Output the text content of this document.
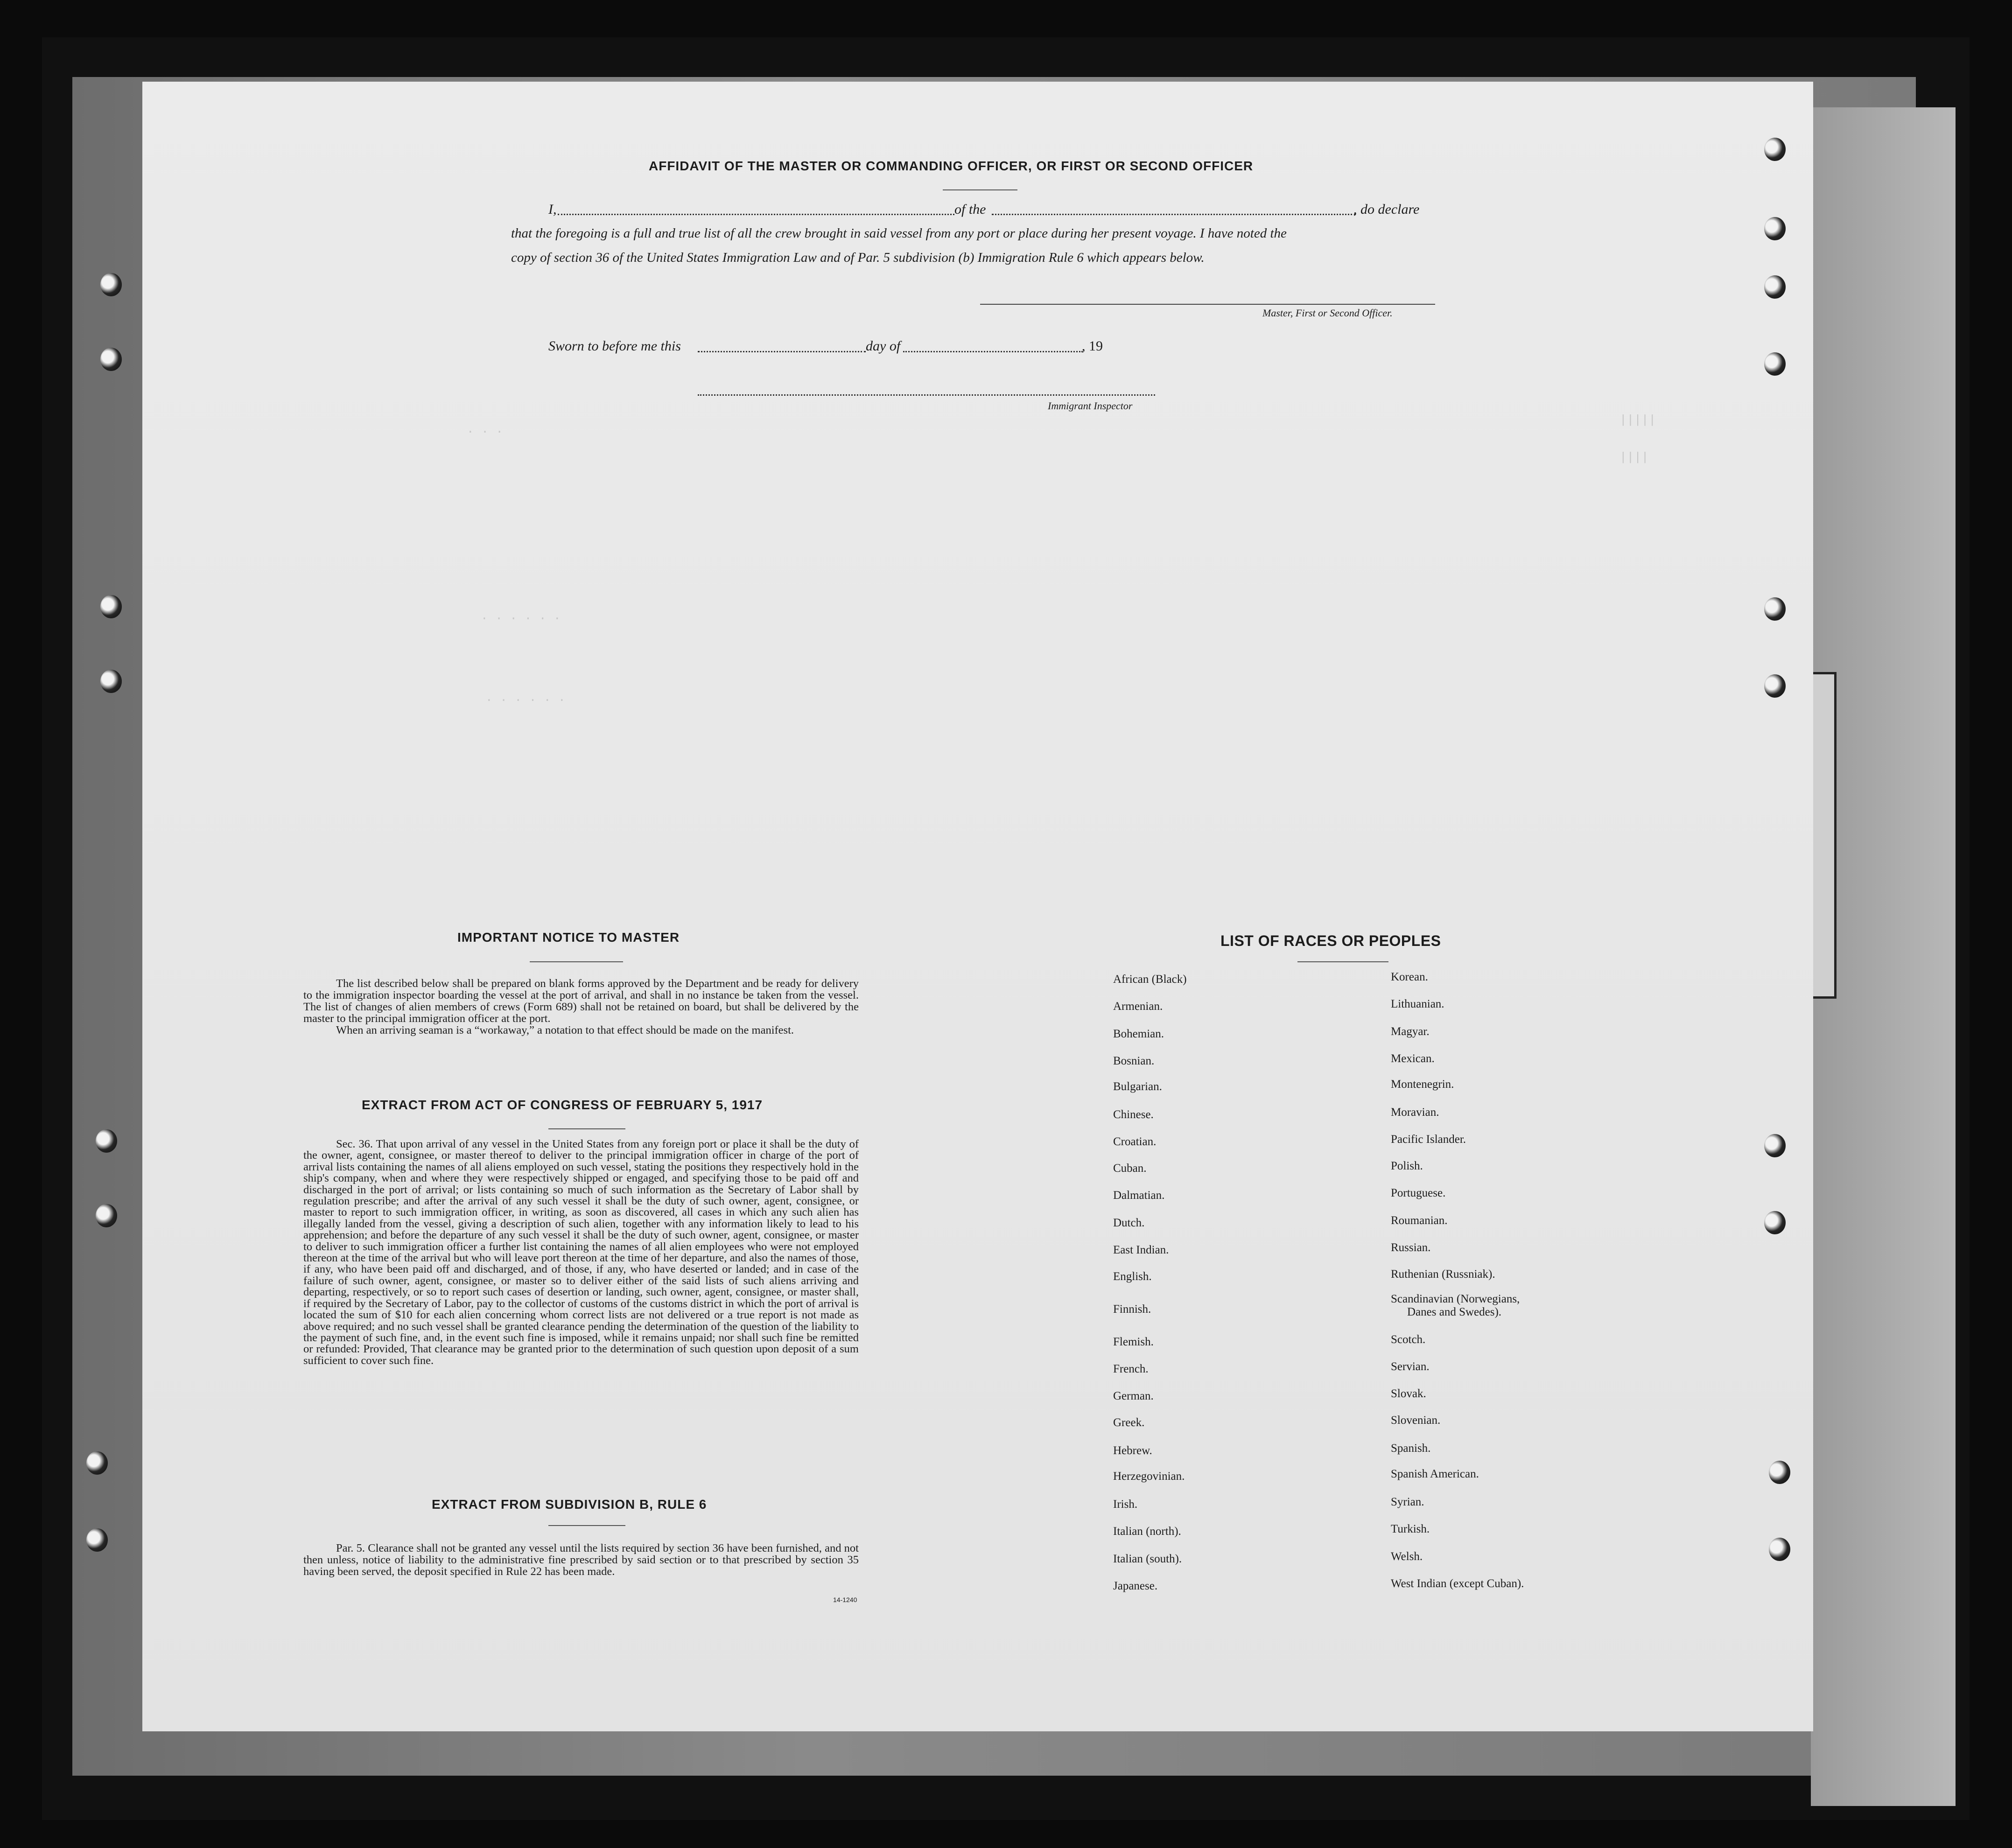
. . .
|||||
||||
. . . . . .
. . . . . .
AFFIDAVIT OF THE MASTER OR COMMANDING OFFICER, OR FIRST OR SECOND OFFICER
I,	of the	, do declare
that the foregoing is a full and true list of all the crew brought in said vessel from any port or place during her present voyage. I have noted the
copy of section 36 of the United States Immigration Law and of Par. 5 subdivision (b) Immigration Rule 6 which appears below.
Master, First or Second Officer.
Sworn to before me this	day of	, 19
Immigrant Inspector
IMPORTANT NOTICE TO MASTER

The list described below shall be prepared on blank forms approved by the Department and be ready for delivery to the immigration inspector boarding the vessel at the port of arrival, and shall in no instance be taken from the vessel. The list of changes of alien members of crews (Form 689) shall not be retained on board, but shall be delivered by the master to the principal immigration officer at the port.

When an arriving seaman is a “workaway,” a notation to that effect should be made on the manifest.

EXTRACT FROM ACT OF CONGRESS OF FEBRUARY 5, 1917

Sec. 36. That upon arrival of any vessel in the United States from any foreign port or place it shall be the duty of the owner, agent, consignee, or master thereof to deliver to the principal immigration officer in charge of the port of arrival lists containing the names of all aliens employed on such vessel, stating the positions they respectively hold in the ship's company, when and where they were respectively shipped or engaged, and specifying those to be paid off and discharged in the port of arrival; or lists containing so much of such information as the Secretary of Labor shall by regulation prescribe; and after the arrival of any such vessel it shall be the duty of such owner, agent, consignee, or master to report to such immigration officer, in writing, as soon as discovered, all cases in which any such alien has illegally landed from the vessel, giving a description of such alien, together with any information likely to lead to his apprehension; and before the departure of any such vessel it shall be the duty of such owner, agent, consignee, or master to deliver to such immigration officer a further list containing the names of all alien employees who were not employed thereon at the time of the arrival but who will leave port thereon at the time of her departure, and also the names of those, if any, who have been paid off and discharged, and of those, if any, who have deserted or landed; and in case of the failure of such owner, agent, consignee, or master so to deliver either of the said lists of such aliens arriving and departing, respectively, or so to report such cases of desertion or landing, such owner, agent, consignee, or master shall, if required by the Secretary of Labor, pay to the collector of customs of the customs district in which the port of arrival is located the sum of $10 for each alien concerning whom correct lists are not delivered or a true report is not made as above required; and no such vessel shall be granted clearance pending the determination of the question of the liability to the payment of such fine, and, in the event such fine is imposed, while it remains unpaid; nor shall such fine be remitted or refunded: Provided, That clearance may be granted prior to the determination of such question upon deposit of a sum sufficient to cover such fine.

EXTRACT FROM SUBDIVISION B, RULE 6

Par. 5. Clearance shall not be granted any vessel until the lists required by section 36 have been furnished, and not then unless, notice of liability to the administrative fine prescribed by said section or to that prescribed by section 35 having been served, the deposit specified in Rule 22 has been made.

14-1240
LIST OF RACES OR PEOPLES
African (Black)
Armenian.
Bohemian.
Bosnian.
Bulgarian.
Chinese.
Croatian.
Cuban.
Dalmatian.
Dutch.
East Indian.
English.
Finnish.
Flemish.
French.
German.
Greek.
Hebrew.
Herzegovinian.
Irish.
Italian (north).
Italian (south).
Japanese.
Korean.
Lithuanian.
Magyar.
Mexican.
Montenegrin.
Moravian.
Pacific Islander.
Polish.
Portuguese.
Roumanian.
Russian.
Ruthenian (Russniak).
Scandinavian (Norwegians,
Danes and Swedes).
Scotch.
Servian.
Slovak.
Slovenian.
Spanish.
Spanish American.
Syrian.
Turkish.
Welsh.
West Indian (except Cuban).
